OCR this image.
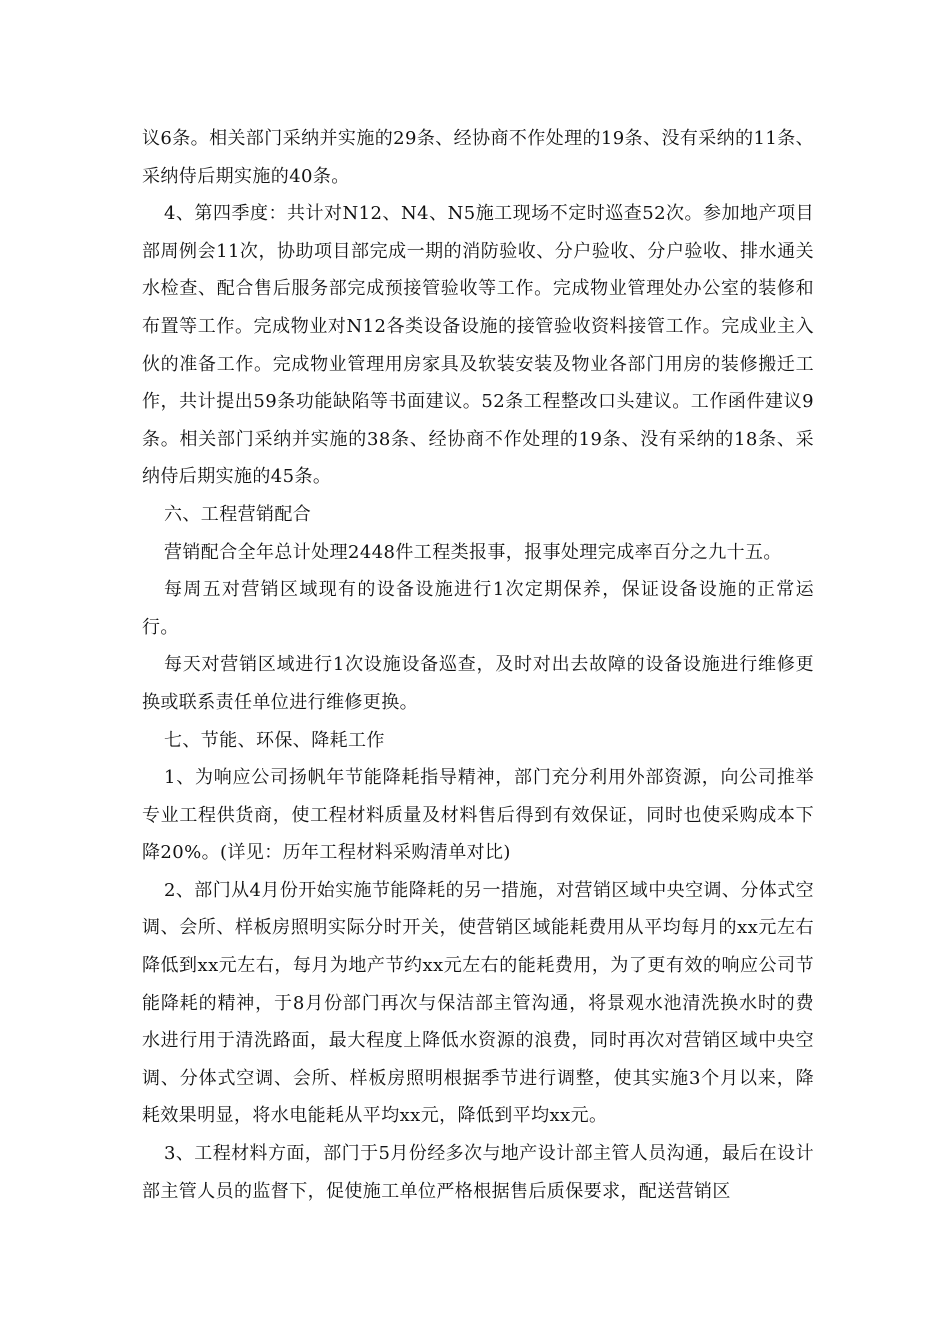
议6条。相关部门采纳并实施的29条、经协商不作处理的19条、没有采纳的11条、采纳侍后期实施的40条。

4、第四季度：共计对N12、N4、N5施工现场不定时巡查52次。参加地产项目部周例会11次，协助项目部完成一期的消防验收、分户验收、分户验收、排水通关水检查、配合售后服务部完成预接管验收等工作。完成物业管理处办公室的装修和布置等工作。完成物业对N12各类设备设施的接管验收资料接管工作。完成业主入伙的准备工作。完成物业管理用房家具及软装安装及物业各部门用房的装修搬迁工作，共计提出59条功能缺陷等书面建议。52条工程整改口头建议。工作函件建议9条。相关部门采纳并实施的38条、经协商不作处理的19条、没有采纳的18条、采纳侍后期实施的45条。

六、工程营销配合

营销配合全年总计处理2448件工程类报事，报事处理完成率百分之九十五。

每周五对营销区域现有的设备设施进行1次定期保养，保证设备设施的正常运行。

每天对营销区域进行1次设施设备巡查，及时对出去故障的设备设施进行维修更换或联系责任单位进行维修更换。

七、节能、环保、降耗工作

1、为响应公司扬帆年节能降耗指导精神，部门充分利用外部资源，向公司推举专业工程供货商，使工程材料质量及材料售后得到有效保证，同时也使采购成本下降20%。(详见：历年工程材料采购清单对比)

2、部门从4月份开始实施节能降耗的另一措施，对营销区域中央空调、分体式空调、会所、样板房照明实际分时开关，使营销区域能耗费用从平均每月的xx元左右降低到xx元左右，每月为地产节约xx元左右的能耗费用，为了更有效的响应公司节能降耗的精神，于8月份部门再次与保洁部主管沟通，将景观水池清洗换水时的费水进行用于清洗路面，最大程度上降低水资源的浪费，同时再次对营销区域中央空调、分体式空调、会所、样板房照明根据季节进行调整，使其实施3个月以来，降耗效果明显，将水电能耗从平均xx元，降低到平均xx元。

3、工程材料方面，部门于5月份经多次与地产设计部主管人员沟通，最后在设计部主管人员的监督下，促使施工单位严格根据售后质保要求，配送营销区
